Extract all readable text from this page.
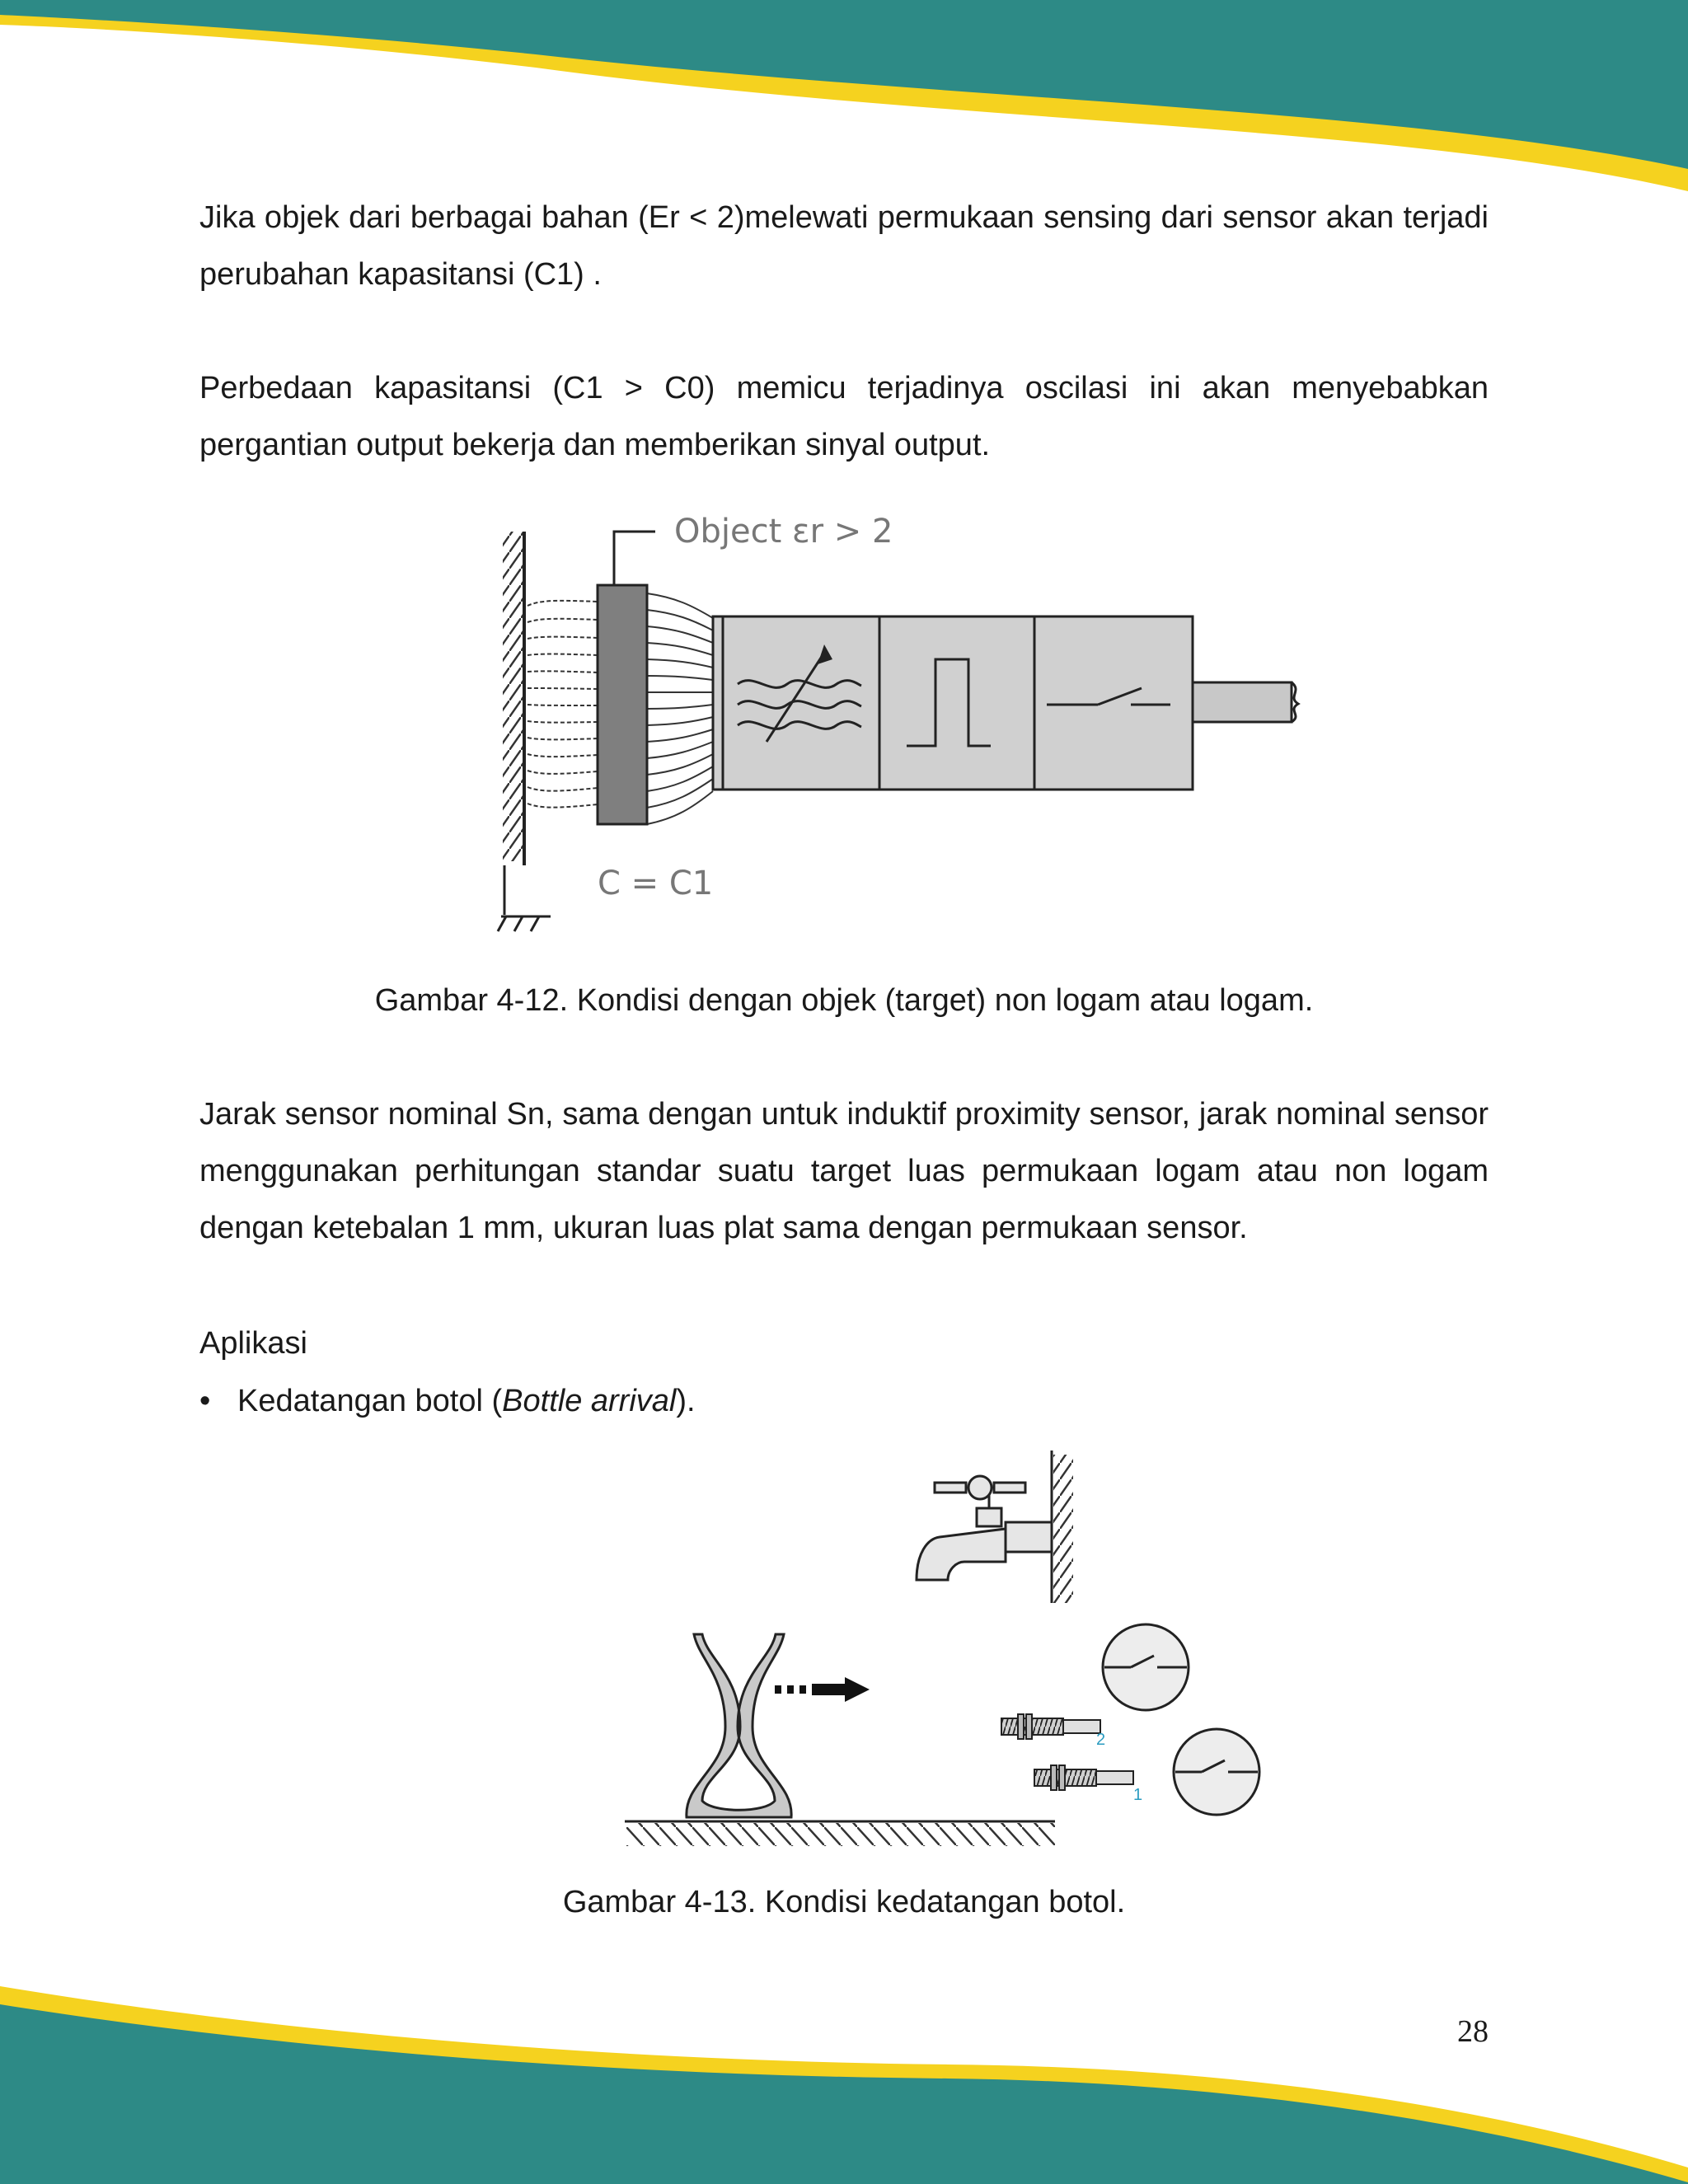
Jika objek dari berbagai bahan (Er < 2)melewati permukaan sensing dari sensor akan terjadi perubahan kapasitansi (C1) .

Perbedaan kapasitansi (C1 > C0) memicu terjadinya oscilasi ini akan menyebabkan pergantian output bekerja dan memberikan sinyal output.

Object εr > 2
C = C1

Gambar 4-12. Kondisi dengan objek (target) non logam atau logam.

Jarak sensor nominal Sn, sama dengan untuk induktif proximity sensor, jarak nominal sensor menggunakan perhitungan standar suatu target luas permukaan logam atau non logam dengan ketebalan 1 mm, ukuran luas plat sama dengan permukaan sensor.

Aplikasi

• Kedatangan botol (Bottle arrival).

2
1

Gambar 4-13. Kondisi kedatangan botol.

28
